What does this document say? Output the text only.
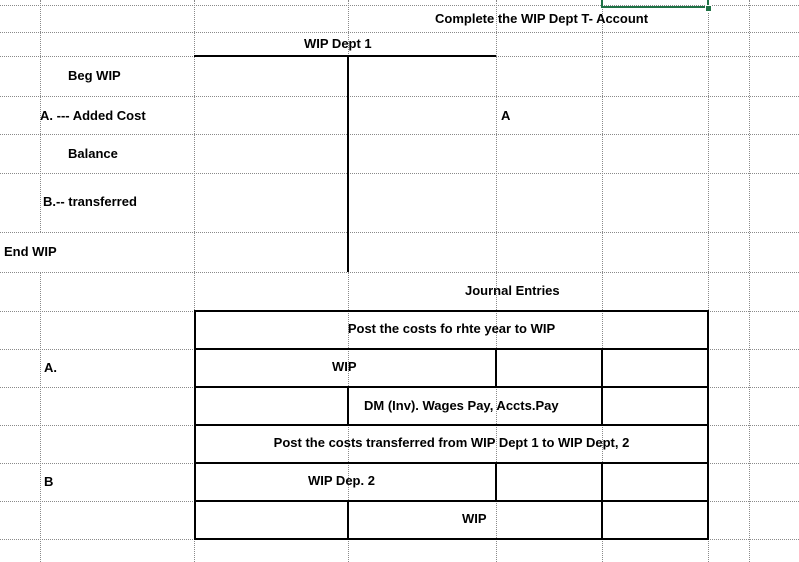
Complete the WIP Dept T- Account
WIP Dept 1
Beg WIP
A. --- Added Cost
Balance
B.-- transferred
End WIP
A
Journal Entries
Post the costs fo rhte year to WIP
A.	WIP
DM (Inv). Wages Pay, Accts.Pay
Post the costs transferred from WIP Dept 1 to WIP Dept, 2
B	WIP Dep. 2
WIP
